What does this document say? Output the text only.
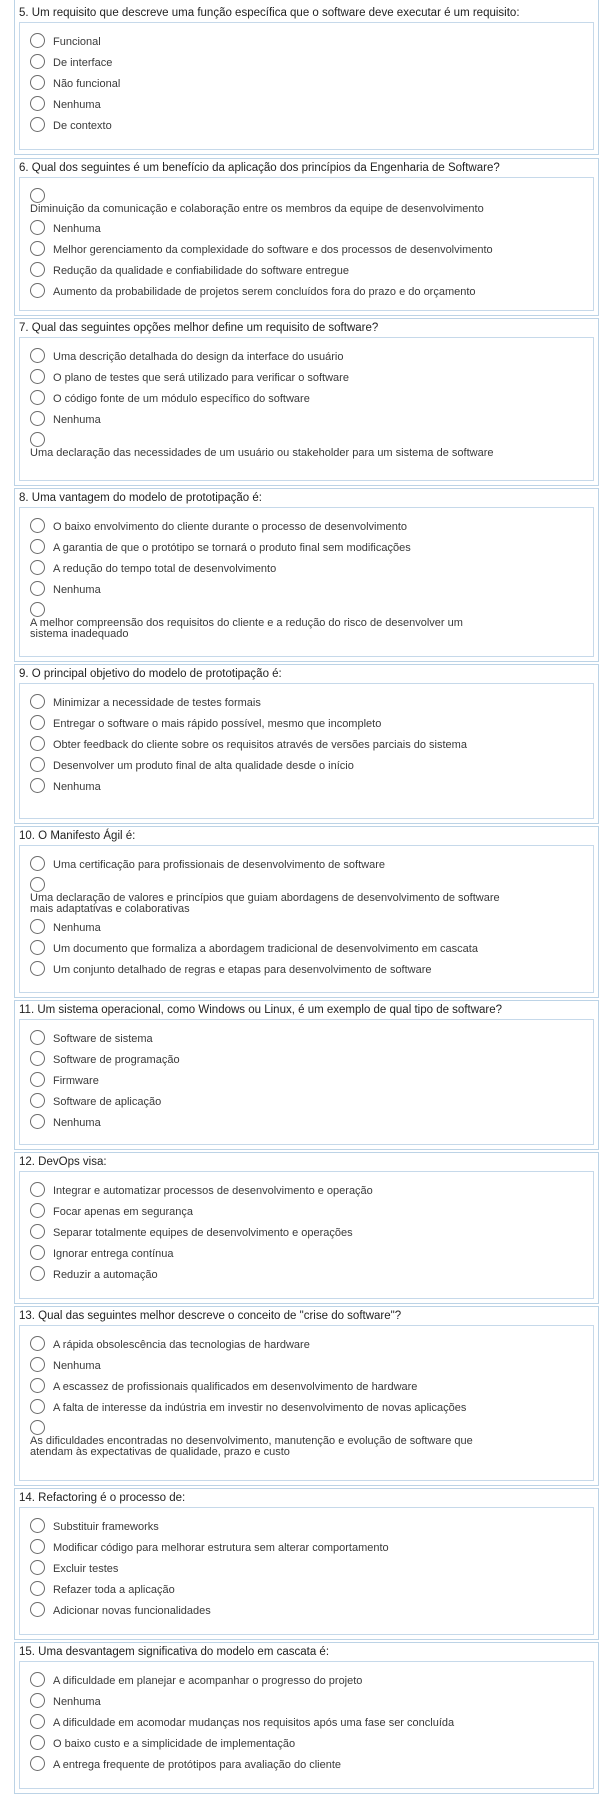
5. Um requisito que descreve uma função específica que o software deve executar é um requisito:
Funcional
De interface
Não funcional
Nenhuma
De contexto
6. Qual dos seguintes é um benefício da aplicação dos princípios da Engenharia de Software?
Diminuição da comunicação e colaboração entre os membros da equipe de desenvolvimento
Nenhuma
Melhor gerenciamento da complexidade do software e dos processos de desenvolvimento
Redução da qualidade e confiabilidade do software entregue
Aumento da probabilidade de projetos serem concluídos fora do prazo e do orçamento
7. Qual das seguintes opções melhor define um requisito de software?
Uma descrição detalhada do design da interface do usuário
O plano de testes que será utilizado para verificar o software
O código fonte de um módulo específico do software
Nenhuma
Uma declaração das necessidades de um usuário ou stakeholder para um sistema de software
8. Uma vantagem do modelo de prototipação é:
O baixo envolvimento do cliente durante o processo de desenvolvimento
A garantia de que o protótipo se tornará o produto final sem modificações
A redução do tempo total de desenvolvimento
Nenhuma
A melhor compreensão dos requisitos do cliente e a redução do risco de desenvolver um
sistema inadequado
9. O principal objetivo do modelo de prototipação é:
Minimizar a necessidade de testes formais
Entregar o software o mais rápido possível, mesmo que incompleto
Obter feedback do cliente sobre os requisitos através de versões parciais do sistema
Desenvolver um produto final de alta qualidade desde o início
Nenhuma
10. O Manifesto Ágil é:
Uma certificação para profissionais de desenvolvimento de software
Uma declaração de valores e princípios que guiam abordagens de desenvolvimento de software
mais adaptativas e colaborativas
Nenhuma
Um documento que formaliza a abordagem tradicional de desenvolvimento em cascata
Um conjunto detalhado de regras e etapas para desenvolvimento de software
11. Um sistema operacional, como Windows ou Linux, é um exemplo de qual tipo de software?
Software de sistema
Software de programação
Firmware
Software de aplicação
Nenhuma
12. DevOps visa:
Integrar e automatizar processos de desenvolvimento e operação
Focar apenas em segurança
Separar totalmente equipes de desenvolvimento e operações
Ignorar entrega contínua
Reduzir a automação
13. Qual das seguintes melhor descreve o conceito de "crise do software"?
A rápida obsolescência das tecnologias de hardware
Nenhuma
A escassez de profissionais qualificados em desenvolvimento de hardware
A falta de interesse da indústria em investir no desenvolvimento de novas aplicações
As dificuldades encontradas no desenvolvimento, manutenção e evolução de software que
atendam às expectativas de qualidade, prazo e custo
14. Refactoring é o processo de:
Substituir frameworks
Modificar código para melhorar estrutura sem alterar comportamento
Excluir testes
Refazer toda a aplicação
Adicionar novas funcionalidades
15. Uma desvantagem significativa do modelo em cascata é:
A dificuldade em planejar e acompanhar o progresso do projeto
Nenhuma
A dificuldade em acomodar mudanças nos requisitos após uma fase ser concluída
O baixo custo e a simplicidade de implementação
A entrega frequente de protótipos para avaliação do cliente
